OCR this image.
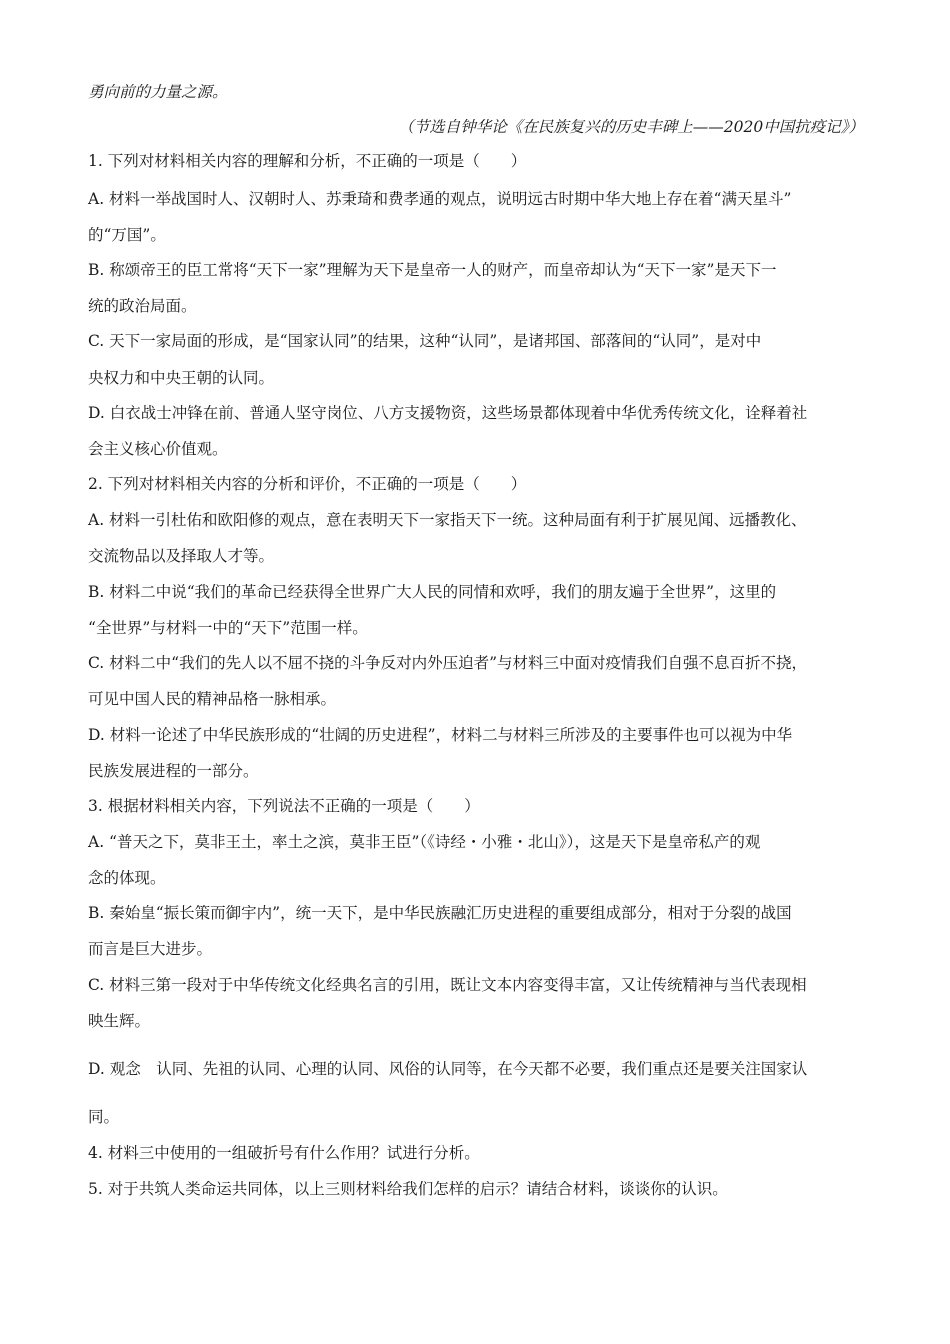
勇向前的力量之源。
（节选自钟华论《在民族复兴的历史丰碑上——2020中国抗疫记》）
1. 下列对材料相关内容的理解和分析，不正确的一项是（　　）
A. 材料一举战国时人、汉朝时人、苏秉琦和费孝通的观点，说明远古时期中华大地上存在着“满天星斗”
的“万国”。
B. 称颂帝王的臣工常将“天下一家”理解为天下是皇帝一人的财产，而皇帝却认为“天下一家”是天下一
统的政治局面。
C. 天下一家局面的形成，是“国家认同”的结果，这种“认同”，是诸邦国、部落间的“认同”，是对中
央权力和中央王朝的认同。
D. 白衣战士冲锋在前、普通人坚守岗位、八方支援物资，这些场景都体现着中华优秀传统文化，诠释着社
会主义核心价值观。
2. 下列对材料相关内容的分析和评价，不正确的一项是（　　）
A. 材料一引杜佑和欧阳修的观点，意在表明天下一家指天下一统。这种局面有利于扩展见闻、远播教化、
交流物品以及择取人才等。
B. 材料二中说“我们的革命已经获得全世界广大人民的同情和欢呼，我们的朋友遍于全世界”，这里的
“全世界”与材料一中的“天下”范围一样。
C. 材料二中“我们的先人以不屈不挠的斗争反对内外压迫者”与材料三中面对疫情我们自强不息百折不挠，
可见中国人民的精神品格一脉相承。
D. 材料一论述了中华民族形成的“壮阔的历史进程”，材料二与材料三所涉及的主要事件也可以视为中华
民族发展进程的一部分。
3. 根据材料相关内容，下列说法不正确的一项是（　　）
A. “普天之下，莫非王土，率土之滨，莫非王臣”（《诗经・小雅・北山》），这是天下是皇帝私产的观
念的体现。
B. 秦始皇“振长策而御宇内”，统一天下，是中华民族融汇历史进程的重要组成部分，相对于分裂的战国
而言是巨大进步。
C. 材料三第一段对于中华传统文化经典名言的引用，既让文本内容变得丰富，又让传统精神与当代表现相
映生辉。
D. 观念　认同、先祖的认同、心理的认同、风俗的认同等，在今天都不必要，我们重点还是要关注国家认
同。
4. 材料三中使用的一组破折号有什么作用？试进行分析。
5. 对于共筑人类命运共同体，以上三则材料给我们怎样的启示？请结合材料，谈谈你的认识。
